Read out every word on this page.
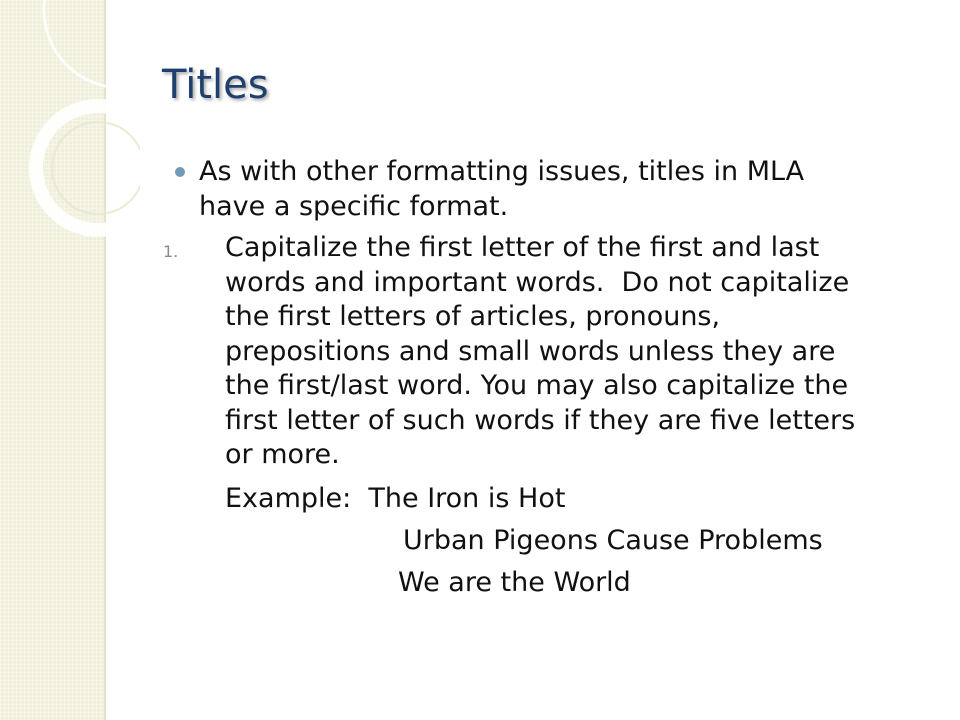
Titles

As with other formatting issues, titles in MLA
have a specific format.

1. Capitalize the first letter of the first and last
words and important words.  Do not capitalize
the first letters of articles, pronouns,
prepositions and small words unless they are
the first/last word. You may also capitalize the
first letter of such words if they are five letters
or more.

Example:  The Iron is Hot

Urban Pigeons Cause Problems

We are the World
